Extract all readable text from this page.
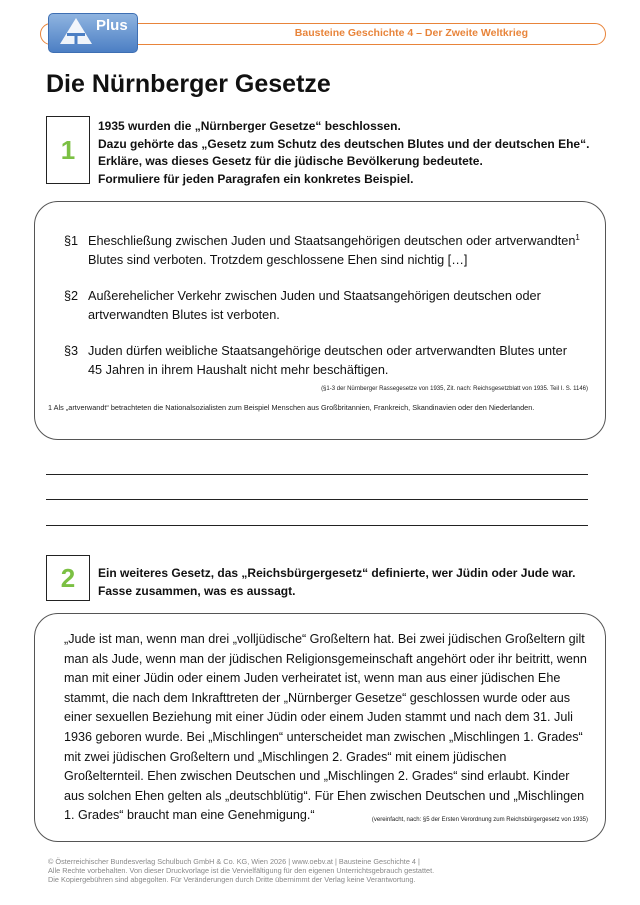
Plus	Bausteine Geschichte 4 – Der Zweite Weltkrieg
Die Nürnberger Gesetze
1
1935 wurden die „Nürnberger Gesetze“ beschlossen.
Dazu gehörte das „Gesetz zum Schutz des deutschen Blutes und der deutschen Ehe“.
Erkläre, was dieses Gesetz für die jüdische Bevölkerung bedeutete.
Formuliere für jeden Paragrafen ein konkretes Beispiel.
§1 Eheschließung zwischen Juden und Staatsangehörigen deutschen oder artverwandten$^1$
Blutes sind verboten. Trotzdem geschlossene Ehen sind nichtig […]
§2 Außerehelicher Verkehr zwischen Juden und Staatsangehörigen deutschen oder
artverwandten Blutes ist verboten.
§3 Juden dürfen weibliche Staatsangehörige deutschen oder artverwandten Blutes unter
45 Jahren in ihrem Haushalt nicht mehr beschäftigen.
(§1-3 der Nürnberger Rassegesetze von 1935, Zit. nach: Reichsgesetzblatt von 1935. Teil I. S. 1146)
1 Als „artverwandt“ betrachteten die Nationalsozialisten zum Beispiel Menschen aus Großbritannien, Frankreich, Skandinavien oder den Niederlanden.
2	Ein weiteres Gesetz, das „Reichsbürgergesetz“ definierte, wer Jüdin oder Jude war.
Fasse zusammen, was es aussagt.
„Jude ist man, wenn man drei „volljüdische“ Großeltern hat. Bei zwei jüdischen Großeltern gilt man als Jude, wenn man der jüdischen Religionsgemeinschaft angehört oder ihr beitritt, wenn man mit einer Jüdin oder einem Juden verheiratet ist, wenn man aus einer jüdischen Ehe stammt, die nach dem Inkrafttreten der „Nürnberger Gesetze“ geschlossen wurde oder aus einer sexuellen Beziehung mit einer Jüdin oder einem Juden stammt und nach dem 31. Juli 1936 geboren wurde. Bei „Mischlingen“ unterscheidet man zwischen „Mischlingen 1. Grades“ mit zwei jüdischen Großeltern und „Mischlingen 2. Grades“ mit einem jüdischen Großelternteil. Ehen zwischen Deutschen und „Mischlingen 2. Grades“ sind erlaubt. Kinder aus solchen Ehen gelten als „deutschblütig“. Für Ehen zwischen Deutschen und „Mischlingen 1. Grades“ braucht man eine Genehmigung.“	(vereinfacht, nach: §5 der Ersten Verordnung zum Reichsbürgergesetz von 1935)
© Österreichischer Bundesverlag Schulbuch GmbH & Co. KG, Wien 2026 | www.oebv.at | Bausteine Geschichte 4 |
Alle Rechte vorbehalten. Von dieser Druckvorlage ist die Vervielfältigung für den eigenen Unterrichtsgebrauch gestattet.
Die Kopiergebühren sind abgegolten. Für Veränderungen durch Dritte übernimmt der Verlag keine Verantwortung.
